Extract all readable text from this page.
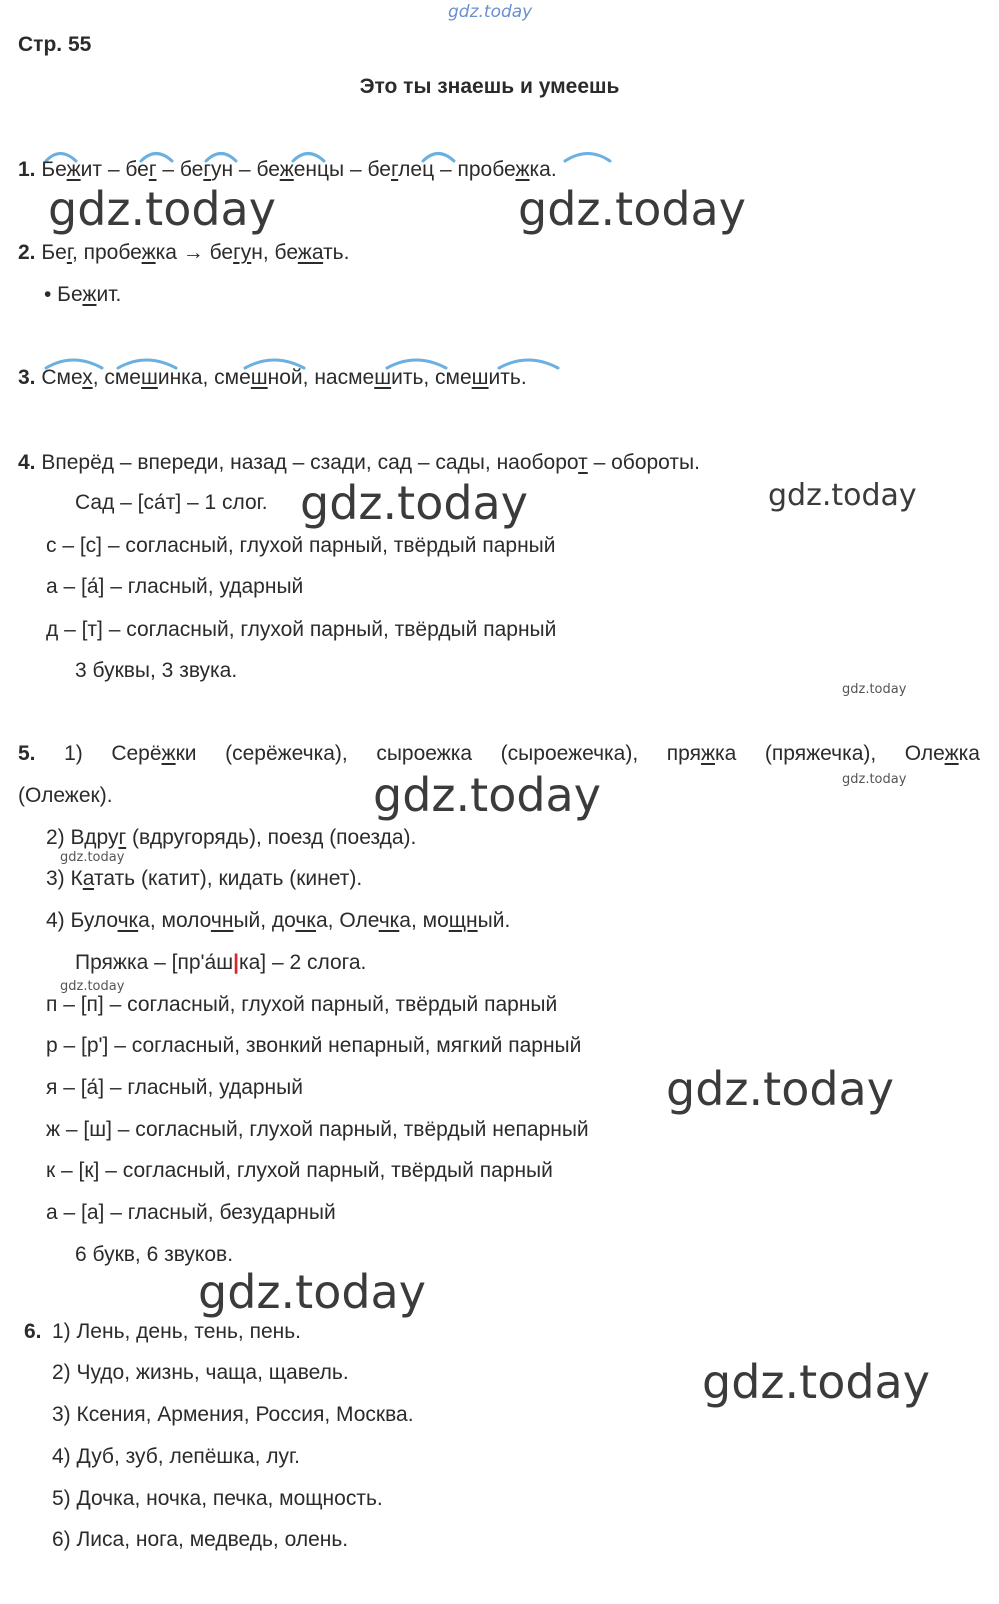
gdz.today
Стр. 55
Это ты знаешь и умеешь
1. Бежит – бег – бегун – беженцы – беглец – пробежка.
gdz.today	gdz.today
2. Бег, пробежка → бегун, бежать.
• Бежит.
3. Смех, смешинка, смешной, насмешить, смешить.
4. Вперёд – впереди, назад – сзади, сад – сады, наоборот – обороты.
Сад – [са́т] – 1 слог. gdz.today	gdz.today
с – [с] – согласный, глухой парный, твёрдый парный
а – [а́] – гласный, ударный
д – [т] – согласный, глухой парный, твёрдый парный
3 буквы, 3 звука.
gdz.today
5. 1) Серёжки (серёжечка), сыроежка (сыроежечка), пряжка (пряжечка), Олежка
gdz.today
(Олежек).	gdz.today
2) Вдруг (вдругорядь), поезд (поезда).
gdz.today
3) Катать (катит), кидать (кинет).
4) Булочка, молочный, дочка, Олечка, мощный.
Пряжка – [пр'а́ш|ка] – 2 слога.
gdz.today
п – [п] – согласный, глухой парный, твёрдый парный
р – [р'] – согласный, звонкий непарный, мягкий парный
я – [а́] – гласный, ударный	gdz.today
ж – [ш] – согласный, глухой парный, твёрдый непарный
к – [к] – согласный, глухой парный, твёрдый парный
а – [а] – гласный, безударный
6 букв, 6 звуков.
gdz.today
6. 1) Лень, день, тень, пень.
2) Чудо, жизнь, чаща, щавель.	gdz.today
3) Ксения, Армения, Россия, Москва.
4) Дуб, зуб, лепёшка, луг.
5) Дочка, ночка, печка, мощность.
6) Лиса, нога, медведь, олень.
